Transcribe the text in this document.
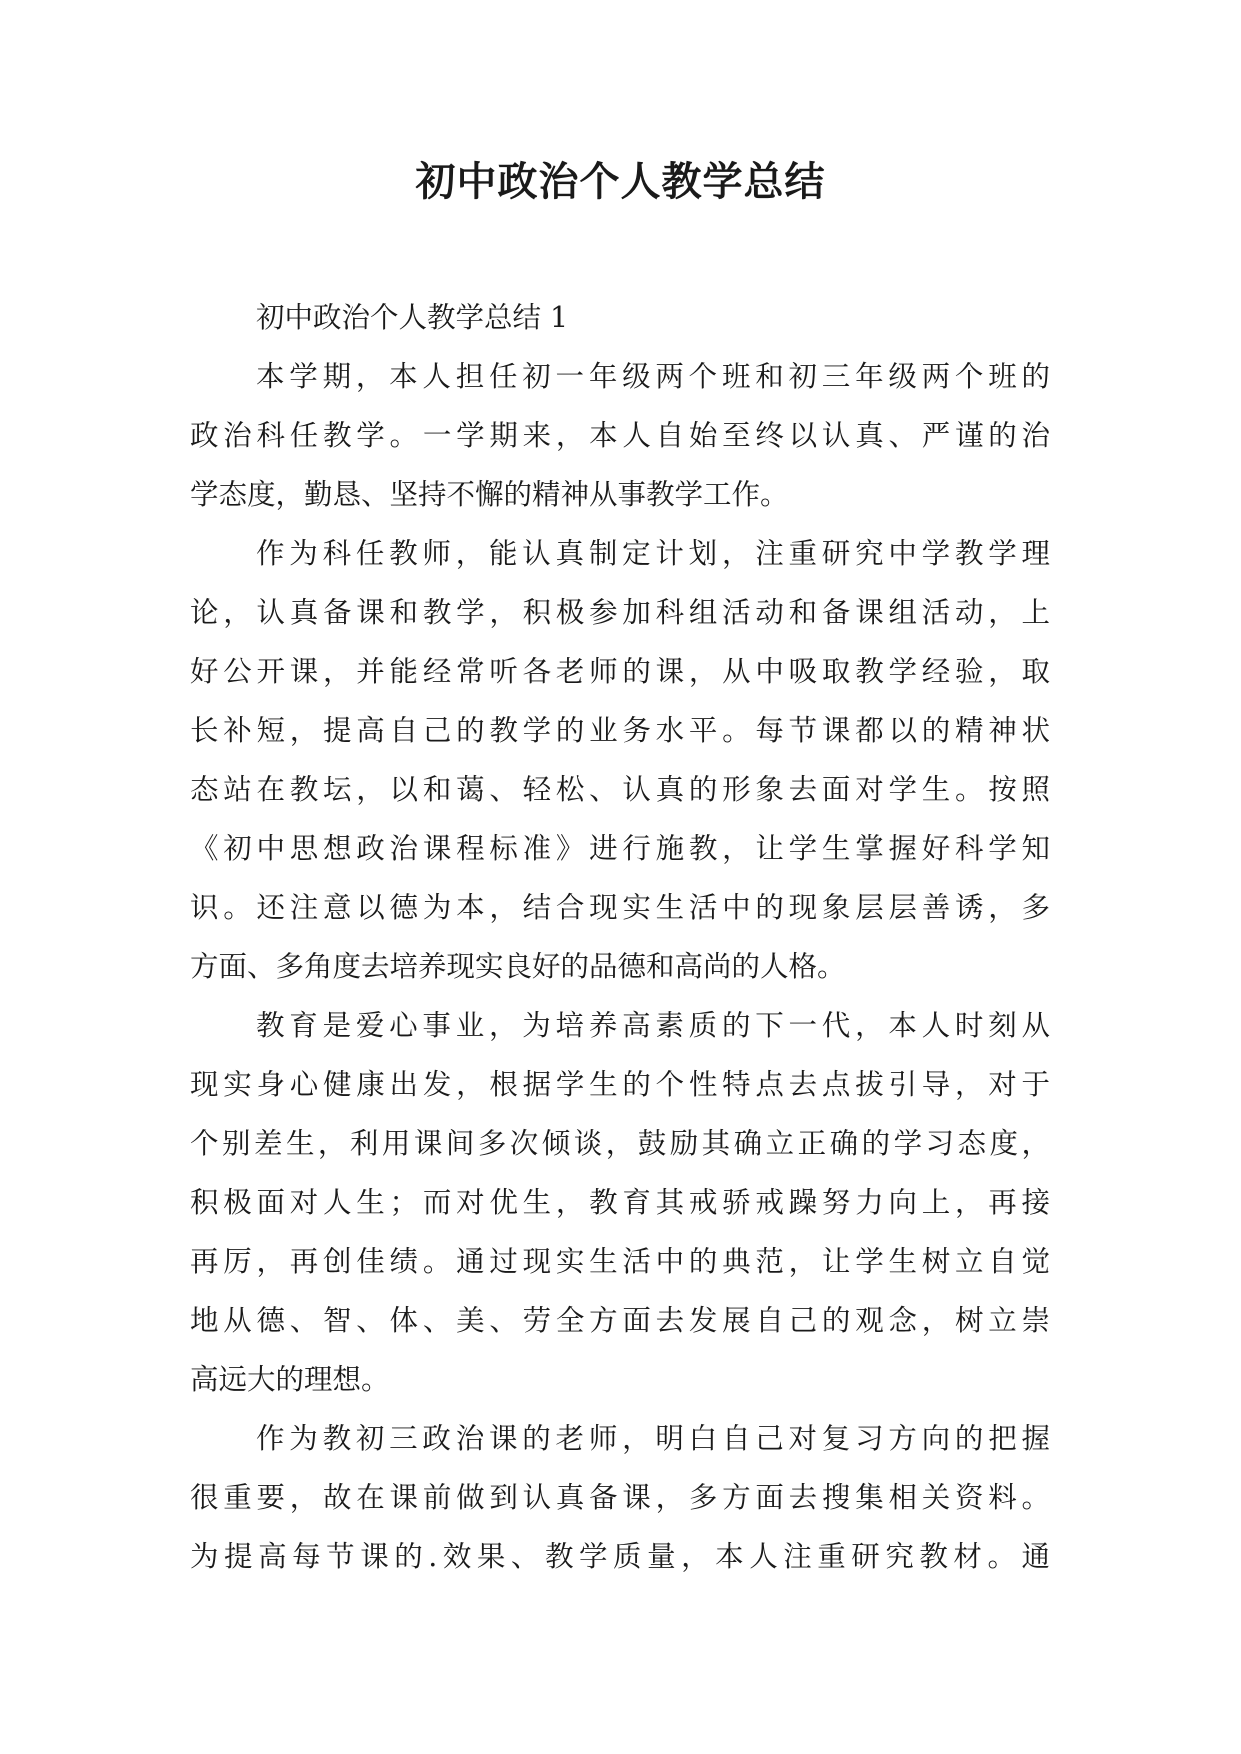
初中政治个人教学总结
初中政治个人教学总结 1
本学期，本人担任初一年级两个班和初三年级两个班的
政治科任教学。一学期来，本人自始至终以认真、严谨的治
学态度，勤恳、坚持不懈的精神从事教学工作。
作为科任教师，能认真制定计划，注重研究中学教学理
论，认真备课和教学，积极参加科组活动和备课组活动，上
好公开课，并能经常听各老师的课，从中吸取教学经验，取
长补短，提高自己的教学的业务水平。每节课都以的精神状
态站在教坛，以和蔼、轻松、认真的形象去面对学生。按照
《初中思想政治课程标准》进行施教，让学生掌握好科学知
识。还注意以德为本，结合现实生活中的现象层层善诱，多
方面、多角度去培养现实良好的品德和高尚的人格。
教育是爱心事业，为培养高素质的下一代，本人时刻从
现实身心健康出发，根据学生的个性特点去点拔引导，对于
个别差生，利用课间多次倾谈，鼓励其确立正确的学习态度，
积极面对人生；而对优生，教育其戒骄戒躁努力向上，再接
再厉，再创佳绩。通过现实生活中的典范，让学生树立自觉
地从德、智、体、美、劳全方面去发展自己的观念，树立崇
高远大的理想。
作为教初三政治课的老师，明白自己对复习方向的把握
很重要，故在课前做到认真备课，多方面去搜集相关资料。
为提高每节课的.效果、教学质量，本人注重研究教材。通
